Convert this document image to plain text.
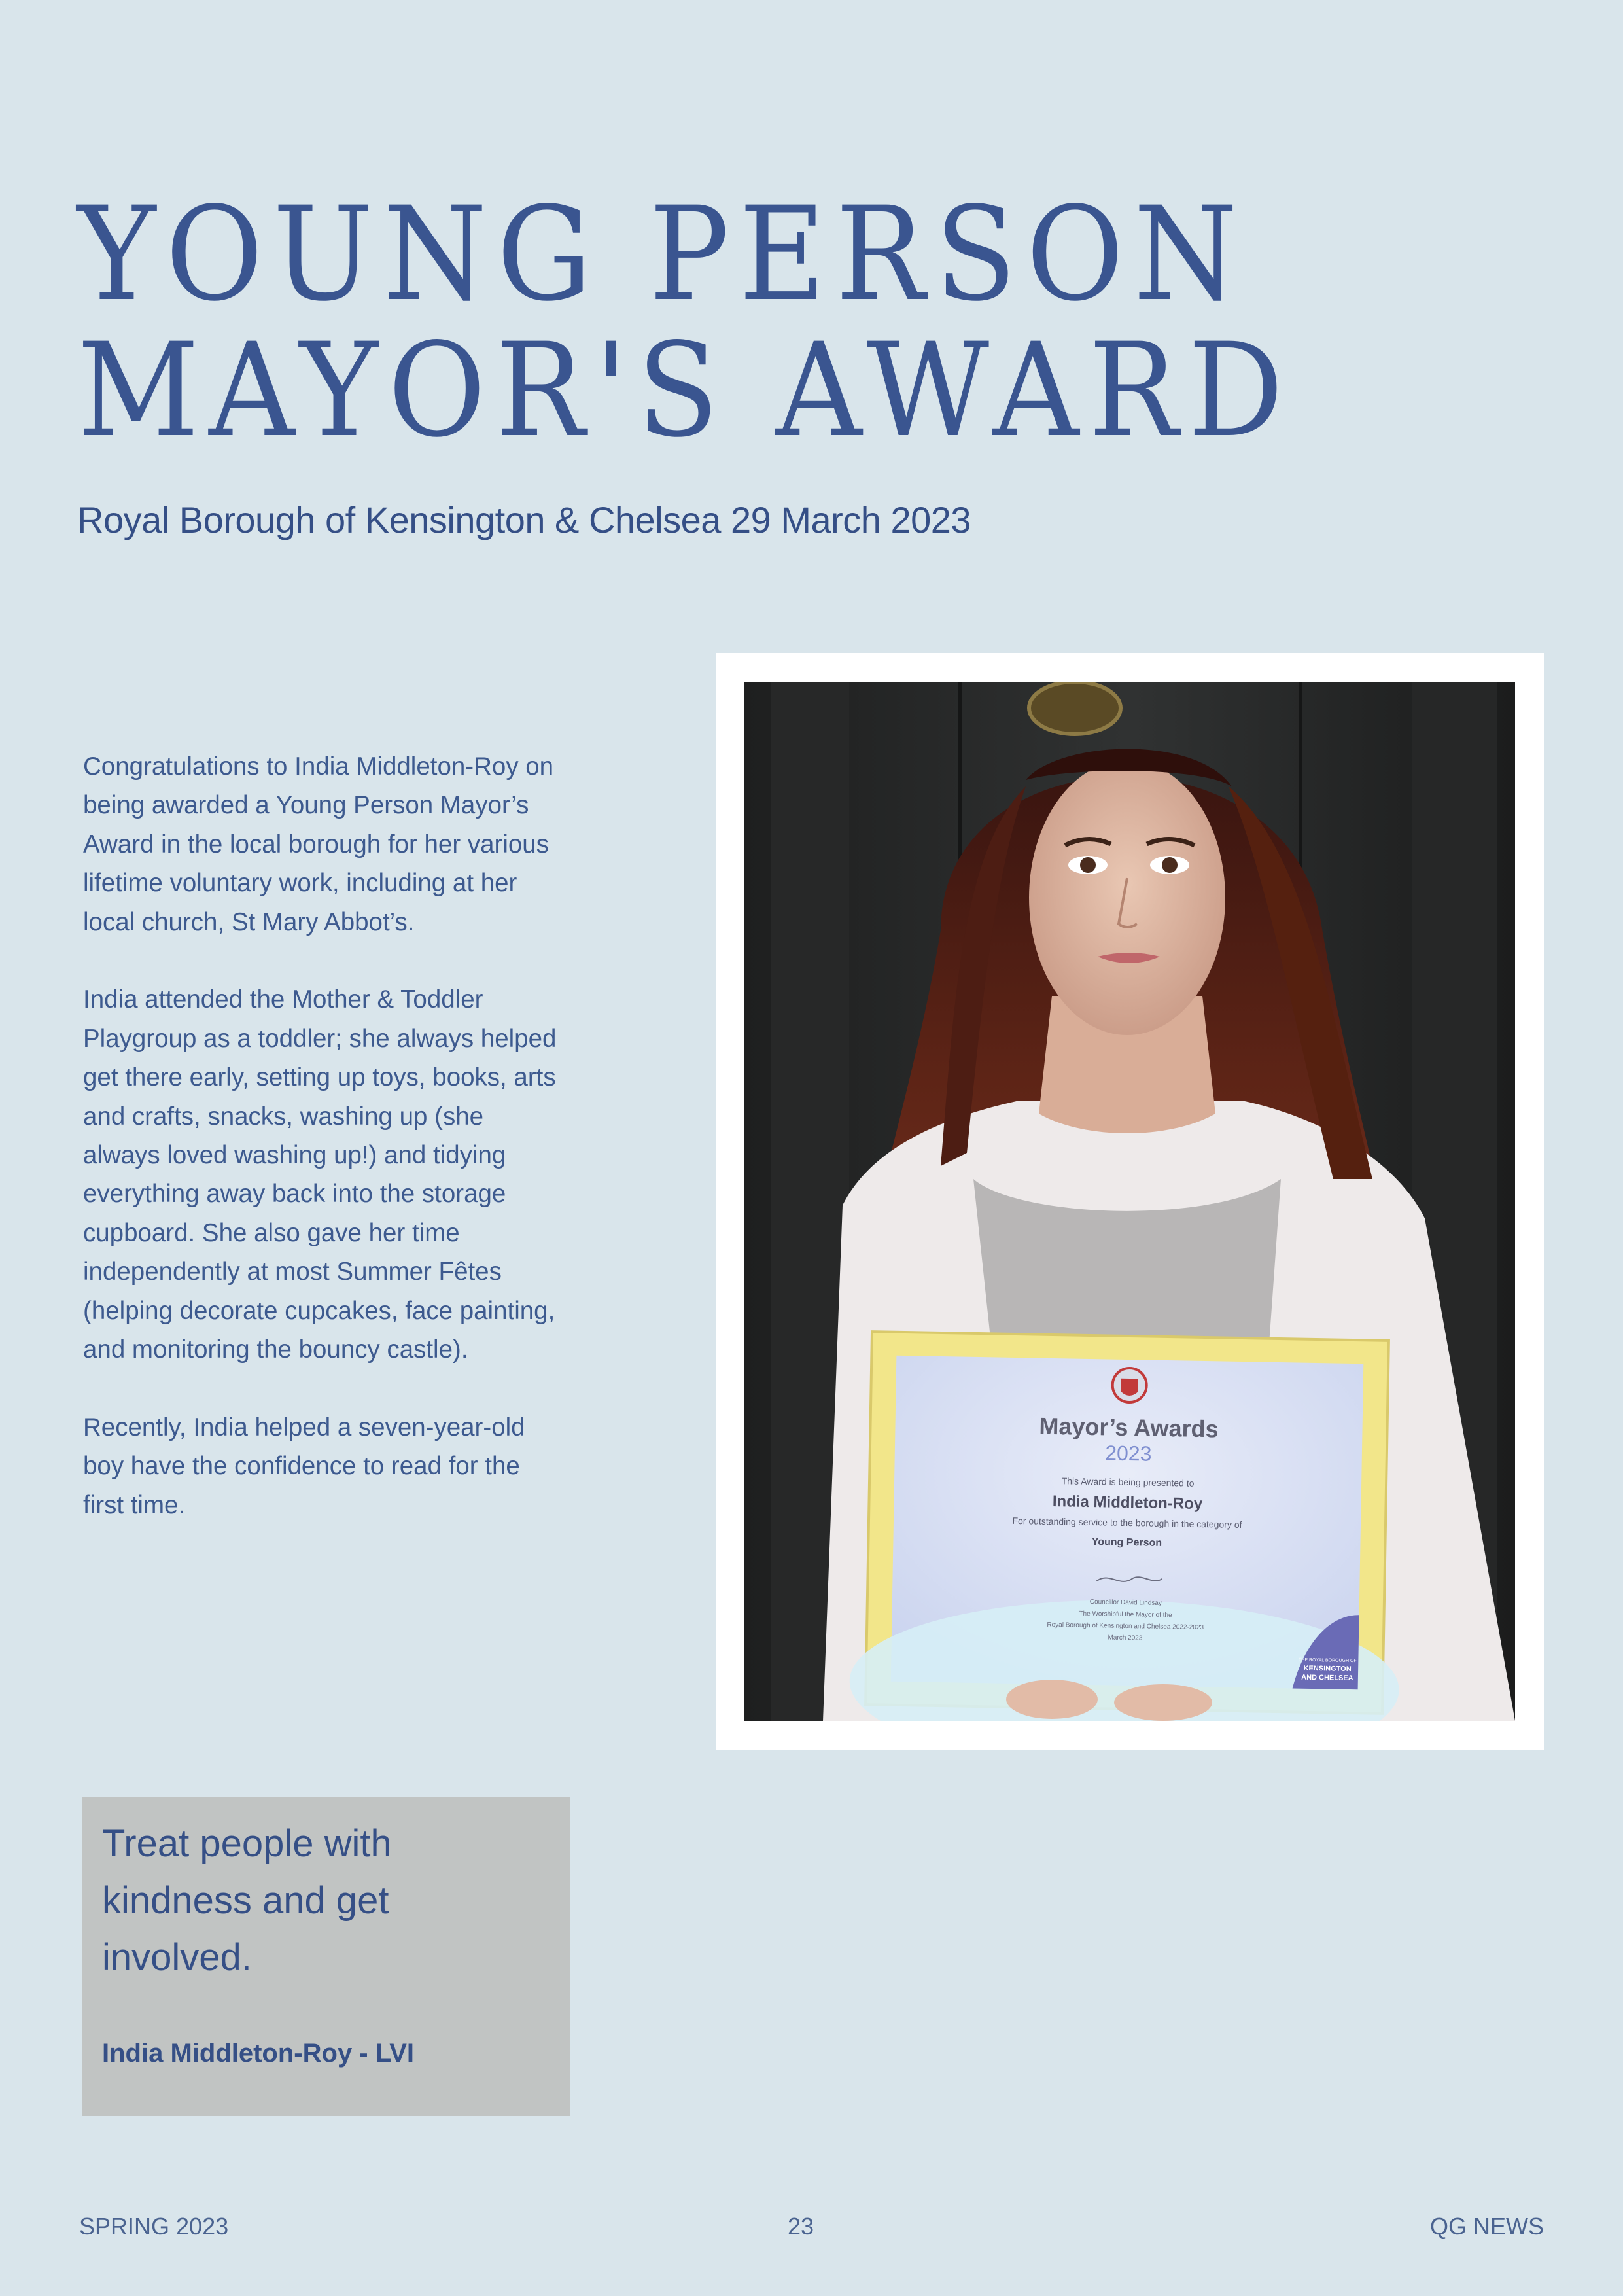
YOUNG PERSON
MAYOR'S AWARD
Royal Borough of Kensington & Chelsea 29 March 2023

Congratulations to India Middleton-Roy on being awarded a Young Person Mayor’s Award in the local borough for her various lifetime voluntary work, including at her local church, St Mary Abbot’s.

India attended the Mother & Toddler Playgroup as a toddler; she always helped get there early, setting up toys, books, arts and crafts, snacks, washing up (she always loved washing up!) and tidying everything away back into the storage cupboard. She also gave her time independently at most Summer Fêtes (helping decorate cupcakes, face painting, and monitoring the bouncy castle).

Recently, India helped a seven-year-old boy have the confidence to read for the first time.

Mayor’s Awards
2023
This Award is being presented to
India Middleton-Roy
For outstanding service to the borough in the category of
Young Person
Councillor David Lindsay
The Worshipful the Mayor of the
Royal Borough of Kensington and Chelsea 2022-2023
March 2023
THE ROYAL BOROUGH OF
KENSINGTON
AND CHELSEA

Treat people with kindness and get involved.

India Middleton-Roy - LVI

SPRING 2023	23	QG NEWS
